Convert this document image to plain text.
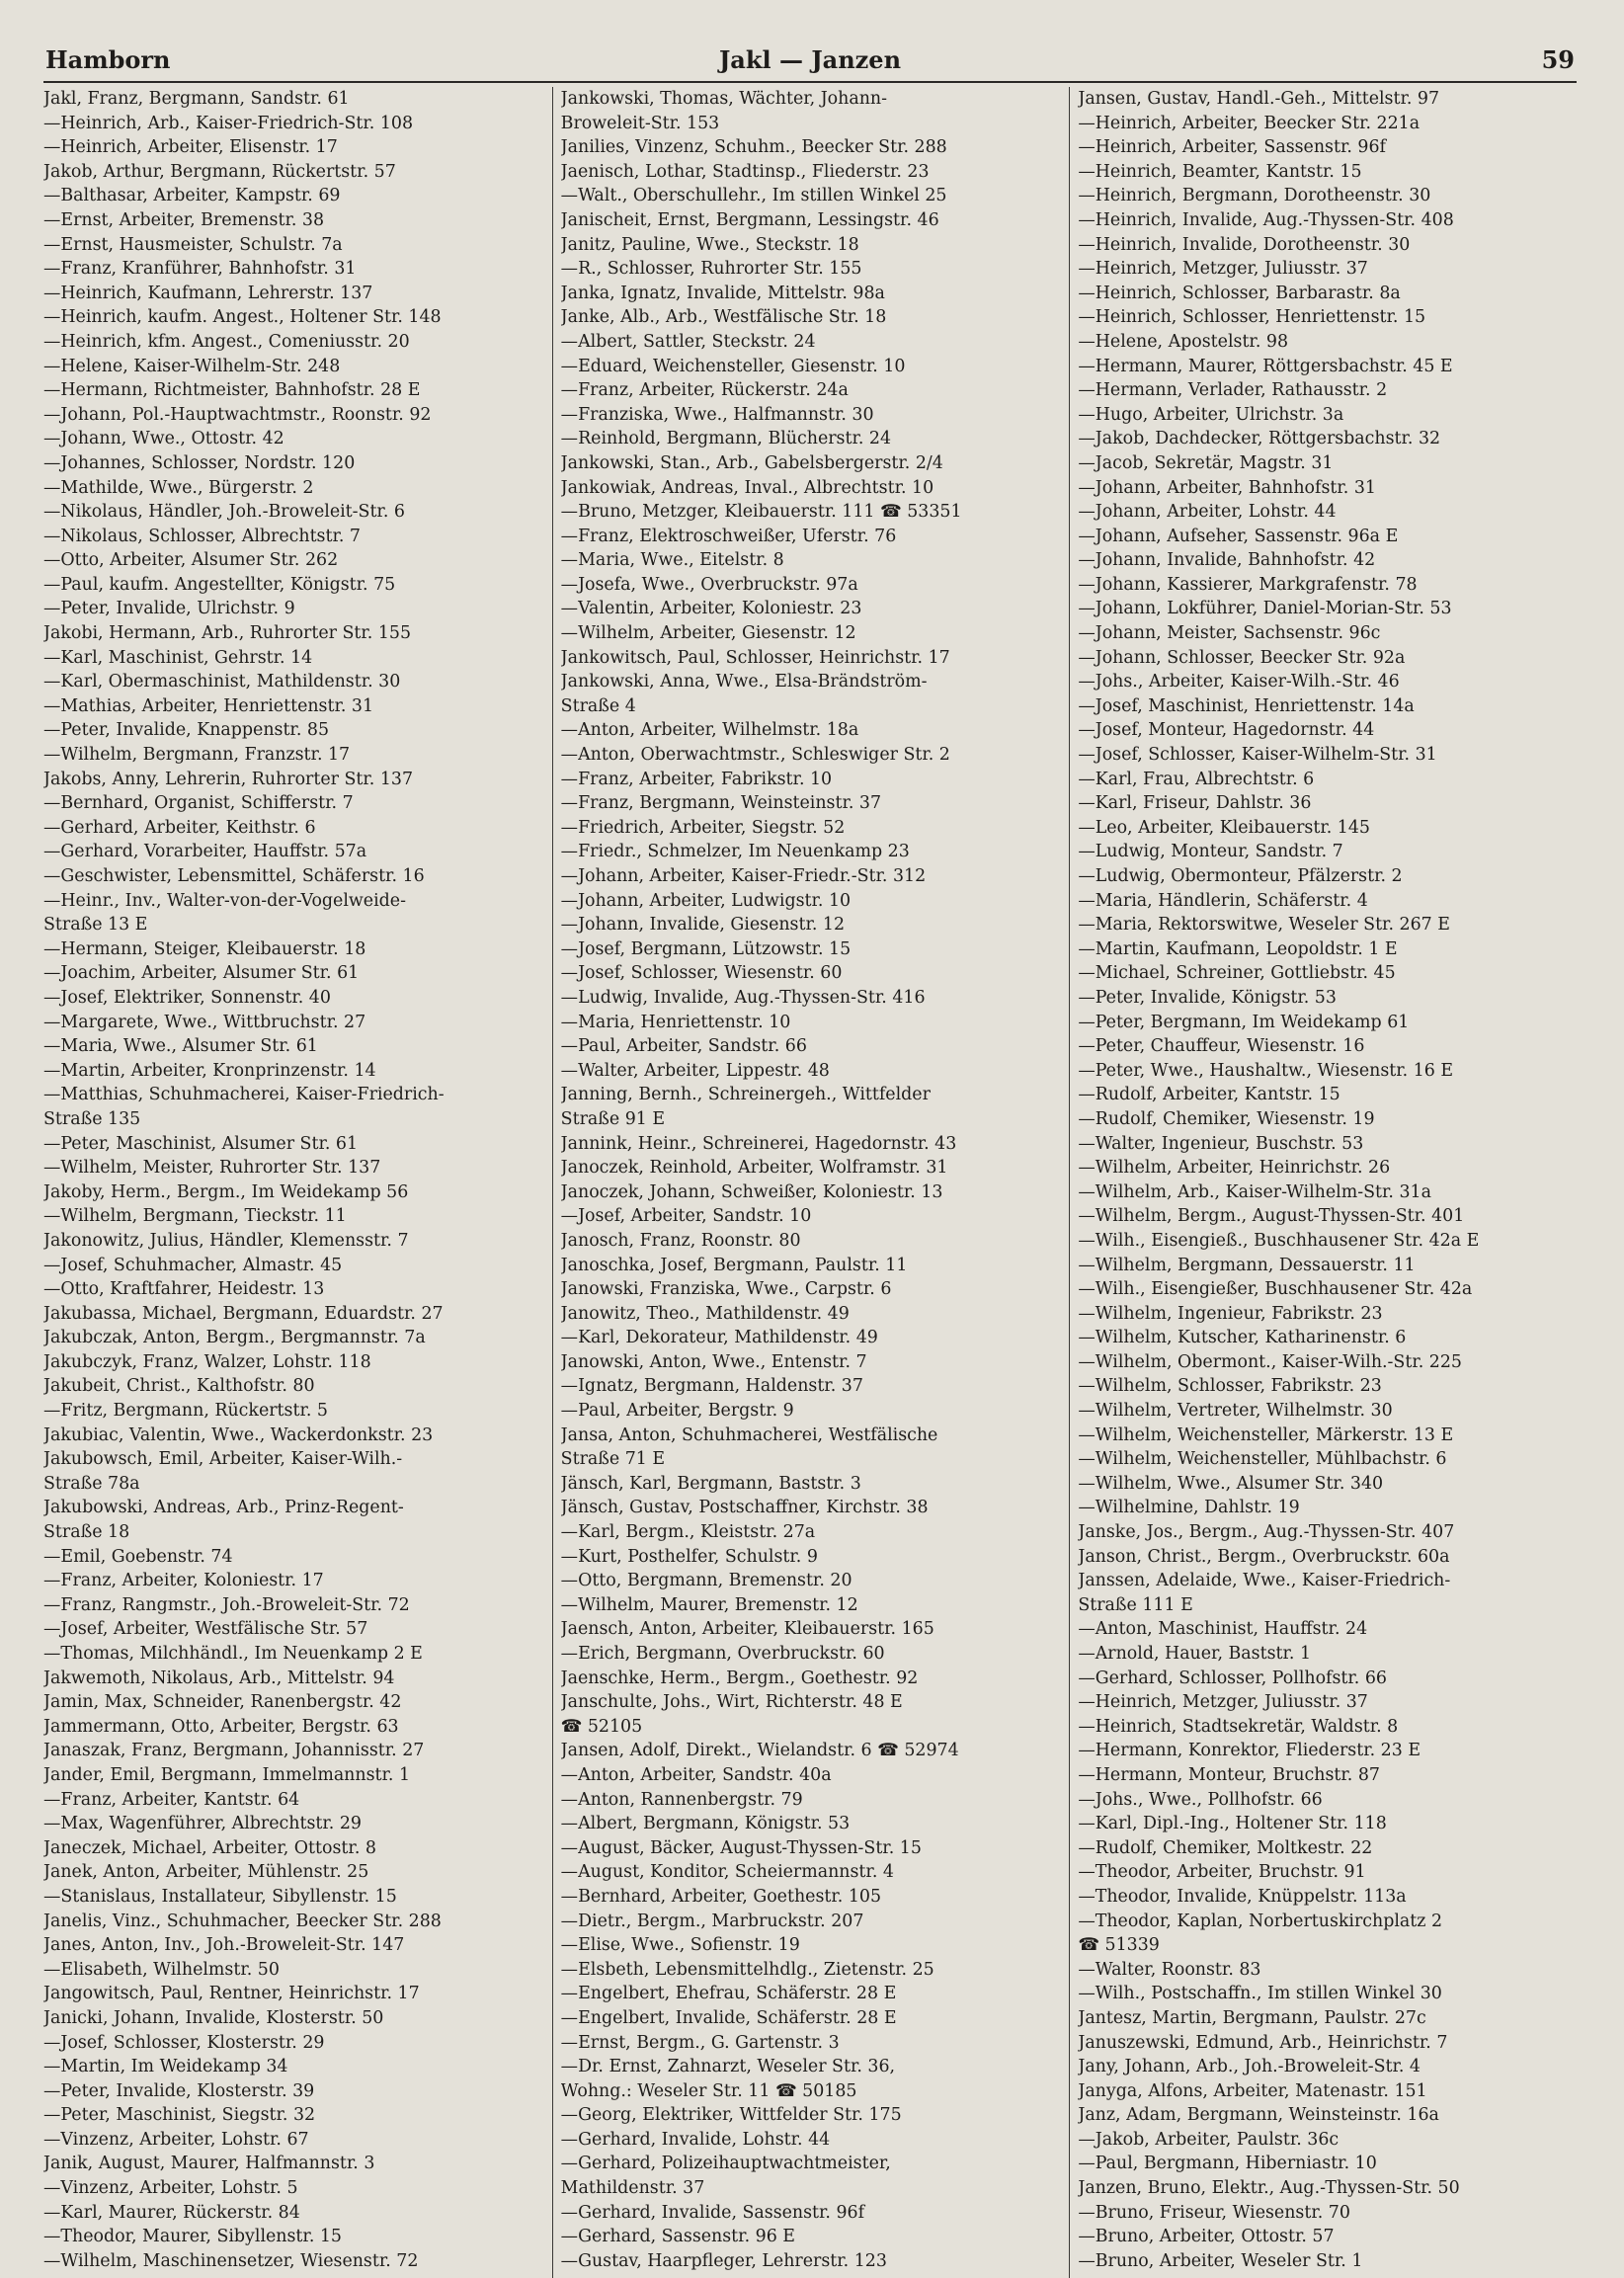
Hamborn	Jakl — Janzen	59
Jakl, Franz, Bergmann, Sandstr. 61
—Heinrich, Arb., Kaiser-Friedrich-Str. 108
—Heinrich, Arbeiter, Elisenstr. 17
Jakob, Arthur, Bergmann, Rückertstr. 57
—Balthasar, Arbeiter, Kampstr. 69
—Ernst, Arbeiter, Bremenstr. 38
—Ernst, Hausmeister, Schulstr. 7a
—Franz, Kranführer, Bahnhofstr. 31
—Heinrich, Kaufmann, Lehrerstr. 137
—Heinrich, kaufm. Angest., Holtener Str. 148
—Heinrich, kfm. Angest., Comeniusstr. 20
—Helene, Kaiser-Wilhelm-Str. 248
—Hermann, Richtmeister, Bahnhofstr. 28 E
—Johann, Pol.-Hauptwachtmstr., Roonstr. 92
—Johann, Wwe., Ottostr. 42
—Johannes, Schlosser, Nordstr. 120
—Mathilde, Wwe., Bürgerstr. 2
—Nikolaus, Händler, Joh.-Broweleit-Str. 6
—Nikolaus, Schlosser, Albrechtstr. 7
—Otto, Arbeiter, Alsumer Str. 262
—Paul, kaufm. Angestellter, Königstr. 75
—Peter, Invalide, Ulrichstr. 9
Jakobi, Hermann, Arb., Ruhrorter Str. 155
—Karl, Maschinist, Gehrstr. 14
—Karl, Obermaschinist, Mathildenstr. 30
—Mathias, Arbeiter, Henriettenstr. 31
—Peter, Invalide, Knappenstr. 85
—Wilhelm, Bergmann, Franzstr. 17
Jakobs, Anny, Lehrerin, Ruhrorter Str. 137
—Bernhard, Organist, Schifferstr. 7
—Gerhard, Arbeiter, Keithstr. 6
—Gerhard, Vorarbeiter, Hauffstr. 57a
—Geschwister, Lebensmittel, Schäferstr. 16
—Heinr., Inv., Walter-von-der-Vogelweide-
Straße 13 E
—Hermann, Steiger, Kleibauerstr. 18
—Joachim, Arbeiter, Alsumer Str. 61
—Josef, Elektriker, Sonnenstr. 40
—Margarete, Wwe., Wittbruchstr. 27
—Maria, Wwe., Alsumer Str. 61
—Martin, Arbeiter, Kronprinzenstr. 14
—Matthias, Schuhmacherei, Kaiser-Friedrich-
Straße 135
—Peter, Maschinist, Alsumer Str. 61
—Wilhelm, Meister, Ruhrorter Str. 137
Jakoby, Herm., Bergm., Im Weidekamp 56
—Wilhelm, Bergmann, Tieckstr. 11
Jakonowitz, Julius, Händler, Klemensstr. 7
—Josef, Schuhmacher, Almastr. 45
—Otto, Kraftfahrer, Heidestr. 13
Jakubassa, Michael, Bergmann, Eduardstr. 27
Jakubczak, Anton, Bergm., Bergmannstr. 7a
Jakubczyk, Franz, Walzer, Lohstr. 118
Jakubeit, Christ., Kalthofstr. 80
—Fritz, Bergmann, Rückertstr. 5
Jakubiac, Valentin, Wwe., Wackerdonkstr. 23
Jakubowsch, Emil, Arbeiter, Kaiser-Wilh.-
Straße 78a
Jakubowski, Andreas, Arb., Prinz-Regent-
Straße 18
—Emil, Goebenstr. 74
—Franz, Arbeiter, Koloniestr. 17
—Franz, Rangmstr., Joh.-Broweleit-Str. 72
—Josef, Arbeiter, Westfälische Str. 57
—Thomas, Milchhändl., Im Neuenkamp 2 E
Jakwemoth, Nikolaus, Arb., Mittelstr. 94
Jamin, Max, Schneider, Ranenbergstr. 42
Jammermann, Otto, Arbeiter, Bergstr. 63
Janaszak, Franz, Bergmann, Johannisstr. 27
Jander, Emil, Bergmann, Immelmannstr. 1
—Franz, Arbeiter, Kantstr. 64
—Max, Wagenführer, Albrechtstr. 29
Janeczek, Michael, Arbeiter, Ottostr. 8
Janek, Anton, Arbeiter, Mühlenstr. 25
—Stanislaus, Installateur, Sibyllenstr. 15
Janelis, Vinz., Schuhmacher, Beecker Str. 288
Janes, Anton, Inv., Joh.-Broweleit-Str. 147
—Elisabeth, Wilhelmstr. 50
Jangowitsch, Paul, Rentner, Heinrichstr. 17
Janicki, Johann, Invalide, Klosterstr. 50
—Josef, Schlosser, Klosterstr. 29
—Martin, Im Weidekamp 34
—Peter, Invalide, Klosterstr. 39
—Peter, Maschinist, Siegstr. 32
—Vinzenz, Arbeiter, Lohstr. 67
Janik, August, Maurer, Halfmannstr. 3
—Vinzenz, Arbeiter, Lohstr. 5
—Karl, Maurer, Rückerstr. 84
—Theodor, Maurer, Sibyllenstr. 15
—Wilhelm, Maschinensetzer, Wiesenstr. 72
Jankowski, Thomas, Wächter, Johann-
Broweleit-Str. 153
Janilies, Vinzenz, Schuhm., Beecker Str. 288
Jaenisch, Lothar, Stadtinsp., Fliederstr. 23
—Walt., Oberschullehr., Im stillen Winkel 25
Janischeit, Ernst, Bergmann, Lessingstr. 46
Janitz, Pauline, Wwe., Steckstr. 18
—R., Schlosser, Ruhrorter Str. 155
Janka, Ignatz, Invalide, Mittelstr. 98a
Janke, Alb., Arb., Westfälische Str. 18
—Albert, Sattler, Steckstr. 24
—Eduard, Weichensteller, Giesenstr. 10
—Franz, Arbeiter, Rückerstr. 24a
—Franziska, Wwe., Halfmannstr. 30
—Reinhold, Bergmann, Blücherstr. 24
Jankowski, Stan., Arb., Gabelsbergerstr. 2/4
Jankowiak, Andreas, Inval., Albrechtstr. 10
—Bruno, Metzger, Kleibauerstr. 111 ☎ 53351
—Franz, Elektroschweißer, Uferstr. 76
—Maria, Wwe., Eitelstr. 8
—Josefa, Wwe., Overbruckstr. 97a
—Valentin, Arbeiter, Koloniestr. 23
—Wilhelm, Arbeiter, Giesenstr. 12
Jankowitsch, Paul, Schlosser, Heinrichstr. 17
Jankowski, Anna, Wwe., Elsa-Brändström-
Straße 4
—Anton, Arbeiter, Wilhelmstr. 18a
—Anton, Oberwachtmstr., Schleswiger Str. 2
—Franz, Arbeiter, Fabrikstr. 10
—Franz, Bergmann, Weinsteinstr. 37
—Friedrich, Arbeiter, Siegstr. 52
—Friedr., Schmelzer, Im Neuenkamp 23
—Johann, Arbeiter, Kaiser-Friedr.-Str. 312
—Johann, Arbeiter, Ludwigstr. 10
—Johann, Invalide, Giesenstr. 12
—Josef, Bergmann, Lützowstr. 15
—Josef, Schlosser, Wiesenstr. 60
—Ludwig, Invalide, Aug.-Thyssen-Str. 416
—Maria, Henriettenstr. 10
—Paul, Arbeiter, Sandstr. 66
—Walter, Arbeiter, Lippestr. 48
Janning, Bernh., Schreinergeh., Wittfelder
Straße 91 E
Jannink, Heinr., Schreinerei, Hagedornstr. 43
Janoczek, Reinhold, Arbeiter, Wolframstr. 31
Janoczek, Johann, Schweißer, Koloniestr. 13
—Josef, Arbeiter, Sandstr. 10
Janosch, Franz, Roonstr. 80
Janoschka, Josef, Bergmann, Paulstr. 11
Janowski, Franziska, Wwe., Carpstr. 6
Janowitz, Theo., Mathildenstr. 49
—Karl, Dekorateur, Mathildenstr. 49
Janowski, Anton, Wwe., Entenstr. 7
—Ignatz, Bergmann, Haldenstr. 37
—Paul, Arbeiter, Bergstr. 9
Jansa, Anton, Schuhmacherei, Westfälische
Straße 71 E
Jänsch, Karl, Bergmann, Baststr. 3
Jänsch, Gustav, Postschaffner, Kirchstr. 38
—Karl, Bergm., Kleiststr. 27a
—Kurt, Posthelfer, Schulstr. 9
—Otto, Bergmann, Bremenstr. 20
—Wilhelm, Maurer, Bremenstr. 12
Jaensch, Anton, Arbeiter, Kleibauerstr. 165
—Erich, Bergmann, Overbruckstr. 60
Jaenschke, Herm., Bergm., Goethestr. 92
Janschulte, Johs., Wirt, Richterstr. 48 E
☎ 52105
Jansen, Adolf, Direkt., Wielandstr. 6 ☎ 52974
—Anton, Arbeiter, Sandstr. 40a
—Anton, Rannenbergstr. 79
—Albert, Bergmann, Königstr. 53
—August, Bäcker, August-Thyssen-Str. 15
—August, Konditor, Scheiermannstr. 4
—Bernhard, Arbeiter, Goethestr. 105
—Dietr., Bergm., Marbruckstr. 207
—Elise, Wwe., Sofienstr. 19
—Elsbeth, Lebensmittelhdlg., Zietenstr. 25
—Engelbert, Ehefrau, Schäferstr. 28 E
—Engelbert, Invalide, Schäferstr. 28 E
—Ernst, Bergm., G. Gartenstr. 3
—Dr. Ernst, Zahnarzt, Weseler Str. 36,
Wohng.: Weseler Str. 11 ☎ 50185
—Georg, Elektriker, Wittfelder Str. 175
—Gerhard, Invalide, Lohstr. 44
—Gerhard, Polizeihauptwachtmeister,
Mathildenstr. 37
—Gerhard, Invalide, Sassenstr. 96f
—Gerhard, Sassenstr. 96 E
—Gustav, Haarpfleger, Lehrerstr. 123
Jansen, Gustav, Handl.-Geh., Mittelstr. 97
—Heinrich, Arbeiter, Beecker Str. 221a
—Heinrich, Arbeiter, Sassenstr. 96f
—Heinrich, Beamter, Kantstr. 15
—Heinrich, Bergmann, Dorotheenstr. 30
—Heinrich, Invalide, Aug.-Thyssen-Str. 408
—Heinrich, Invalide, Dorotheenstr. 30
—Heinrich, Metzger, Juliusstr. 37
—Heinrich, Schlosser, Barbarastr. 8a
—Heinrich, Schlosser, Henriettenstr. 15
—Helene, Apostelstr. 98
—Hermann, Maurer, Röttgersbachstr. 45 E
—Hermann, Verlader, Rathausstr. 2
—Hugo, Arbeiter, Ulrichstr. 3a
—Jakob, Dachdecker, Röttgersbachstr. 32
—Jacob, Sekretär, Magstr. 31
—Johann, Arbeiter, Bahnhofstr. 31
—Johann, Arbeiter, Lohstr. 44
—Johann, Aufseher, Sassenstr. 96a E
—Johann, Invalide, Bahnhofstr. 42
—Johann, Kassierer, Markgrafenstr. 78
—Johann, Lokführer, Daniel-Morian-Str. 53
—Johann, Meister, Sachsenstr. 96c
—Johann, Schlosser, Beecker Str. 92a
—Johs., Arbeiter, Kaiser-Wilh.-Str. 46
—Josef, Maschinist, Henriettenstr. 14a
—Josef, Monteur, Hagedornstr. 44
—Josef, Schlosser, Kaiser-Wilhelm-Str. 31
—Karl, Frau, Albrechtstr. 6
—Karl, Friseur, Dahlstr. 36
—Leo, Arbeiter, Kleibauerstr. 145
—Ludwig, Monteur, Sandstr. 7
—Ludwig, Obermonteur, Pfälzerstr. 2
—Maria, Händlerin, Schäferstr. 4
—Maria, Rektorswitwe, Weseler Str. 267 E
—Martin, Kaufmann, Leopoldstr. 1 E
—Michael, Schreiner, Gottliebstr. 45
—Peter, Invalide, Königstr. 53
—Peter, Bergmann, Im Weidekamp 61
—Peter, Chauffeur, Wiesenstr. 16
—Peter, Wwe., Haushaltw., Wiesenstr. 16 E
—Rudolf, Arbeiter, Kantstr. 15
—Rudolf, Chemiker, Wiesenstr. 19
—Walter, Ingenieur, Buschstr. 53
—Wilhelm, Arbeiter, Heinrichstr. 26
—Wilhelm, Arb., Kaiser-Wilhelm-Str. 31a
—Wilhelm, Bergm., August-Thyssen-Str. 401
—Wilh., Eisengieß., Buschhausener Str. 42a E
—Wilhelm, Bergmann, Dessauerstr. 11
—Wilh., Eisengießer, Buschhausener Str. 42a
—Wilhelm, Ingenieur, Fabrikstr. 23
—Wilhelm, Kutscher, Katharinenstr. 6
—Wilhelm, Obermont., Kaiser-Wilh.-Str. 225
—Wilhelm, Schlosser, Fabrikstr. 23
—Wilhelm, Vertreter, Wilhelmstr. 30
—Wilhelm, Weichensteller, Märkerstr. 13 E
—Wilhelm, Weichensteller, Mühlbachstr. 6
—Wilhelm, Wwe., Alsumer Str. 340
—Wilhelmine, Dahlstr. 19
Janske, Jos., Bergm., Aug.-Thyssen-Str. 407
Janson, Christ., Bergm., Overbruckstr. 60a
Janssen, Adelaide, Wwe., Kaiser-Friedrich-
Straße 111 E
—Anton, Maschinist, Hauffstr. 24
—Arnold, Hauer, Baststr. 1
—Gerhard, Schlosser, Pollhofstr. 66
—Heinrich, Metzger, Juliusstr. 37
—Heinrich, Stadtsekretär, Waldstr. 8
—Hermann, Konrektor, Fliederstr. 23 E
—Hermann, Monteur, Bruchstr. 87
—Johs., Wwe., Pollhofstr. 66
—Karl, Dipl.-Ing., Holtener Str. 118
—Rudolf, Chemiker, Moltkestr. 22
—Theodor, Arbeiter, Bruchstr. 91
—Theodor, Invalide, Knüppelstr. 113a
—Theodor, Kaplan, Norbertuskirchplatz 2
☎ 51339
—Walter, Roonstr. 83
—Wilh., Postschaffn., Im stillen Winkel 30
Jantesz, Martin, Bergmann, Paulstr. 27c
Januszewski, Edmund, Arb., Heinrichstr. 7
Jany, Johann, Arb., Joh.-Broweleit-Str. 4
Janyga, Alfons, Arbeiter, Matenastr. 151
Janz, Adam, Bergmann, Weinsteinstr. 16a
—Jakob, Arbeiter, Paulstr. 36c
—Paul, Bergmann, Hiberniastr. 10
Janzen, Bruno, Elektr., Aug.-Thyssen-Str. 50
—Bruno, Friseur, Wiesenstr. 70
—Bruno, Arbeiter, Ottostr. 57
—Bruno, Arbeiter, Weseler Str. 1
